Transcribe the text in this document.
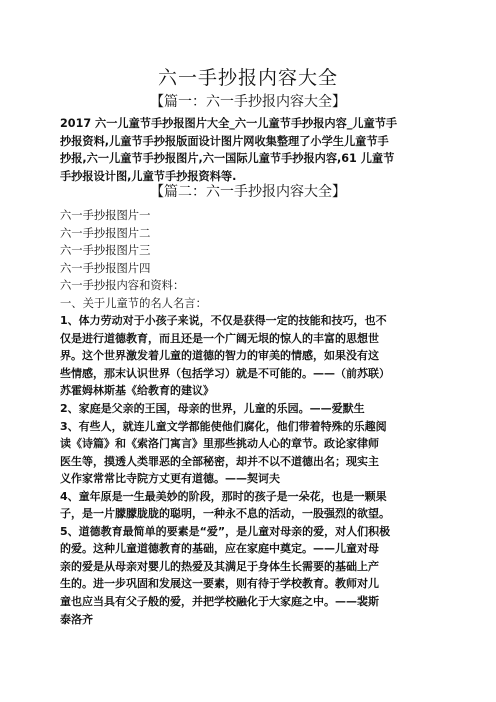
六一手抄报内容大全
【篇一：六一手抄报内容大全】

2017 六一儿童节手抄报图片大全_六一儿童节手抄报内容_儿童节手
抄报资料,儿童节手抄报版面设计图片网收集整理了小学生儿童节手
抄报,六一儿童节手抄报图片,六一国际儿童节手抄报内容,61 儿童节
手抄报设计图,儿童节手抄报资料等.

【篇二：六一手抄报内容大全】
六一手抄报图片一
六一手抄报图片二
六一手抄报图片三
六一手抄报图片四
六一手抄报内容和资料：
一、关于儿童节的名人名言：
1、体力劳动对于小孩子来说，不仅是获得一定的技能和技巧，也不
仅是进行道德教育，而且还是一个广阔无垠的惊人的丰富的思想世
界。这个世界激发着儿童的道德的智力的审美的情感，如果没有这
些情感，那末认识世界（包括学习）就是不可能的。——（前苏联）
苏霍姆林斯基《给教育的建议》
2、家庭是父亲的王国，母亲的世界，儿童的乐园。——爱默生
3、有些人，就连儿童文学都能使他们腐化，他们带着特殊的乐趣阅
读《诗篇》和《索洛门寓言》里那些挑动人心的章节。政论家律师
医生等，摸透人类罪恶的全部秘密，却并不以不道德出名；现实主
义作家常常比寺院方丈更有道德。——契诃夫
4、童年原是一生最美妙的阶段，那时的孩子是一朵花，也是一颗果
子，是一片朦朦胧胧的聪明，一种永不息的活动，一股强烈的欲望。
5、道德教育最简单的要素是“爱”，是儿童对母亲的爱，对人们积极
的爱。这种儿童道德教育的基础，应在家庭中奠定。——儿童对母
亲的爱是从母亲对婴儿的热爱及其满足于身体生长需要的基础上产
生的。进一步巩固和发展这一要素，则有待于学校教育。教师对儿
童也应当具有父子般的爱，并把学校融化于大家庭之中。——裴斯
泰洛齐
